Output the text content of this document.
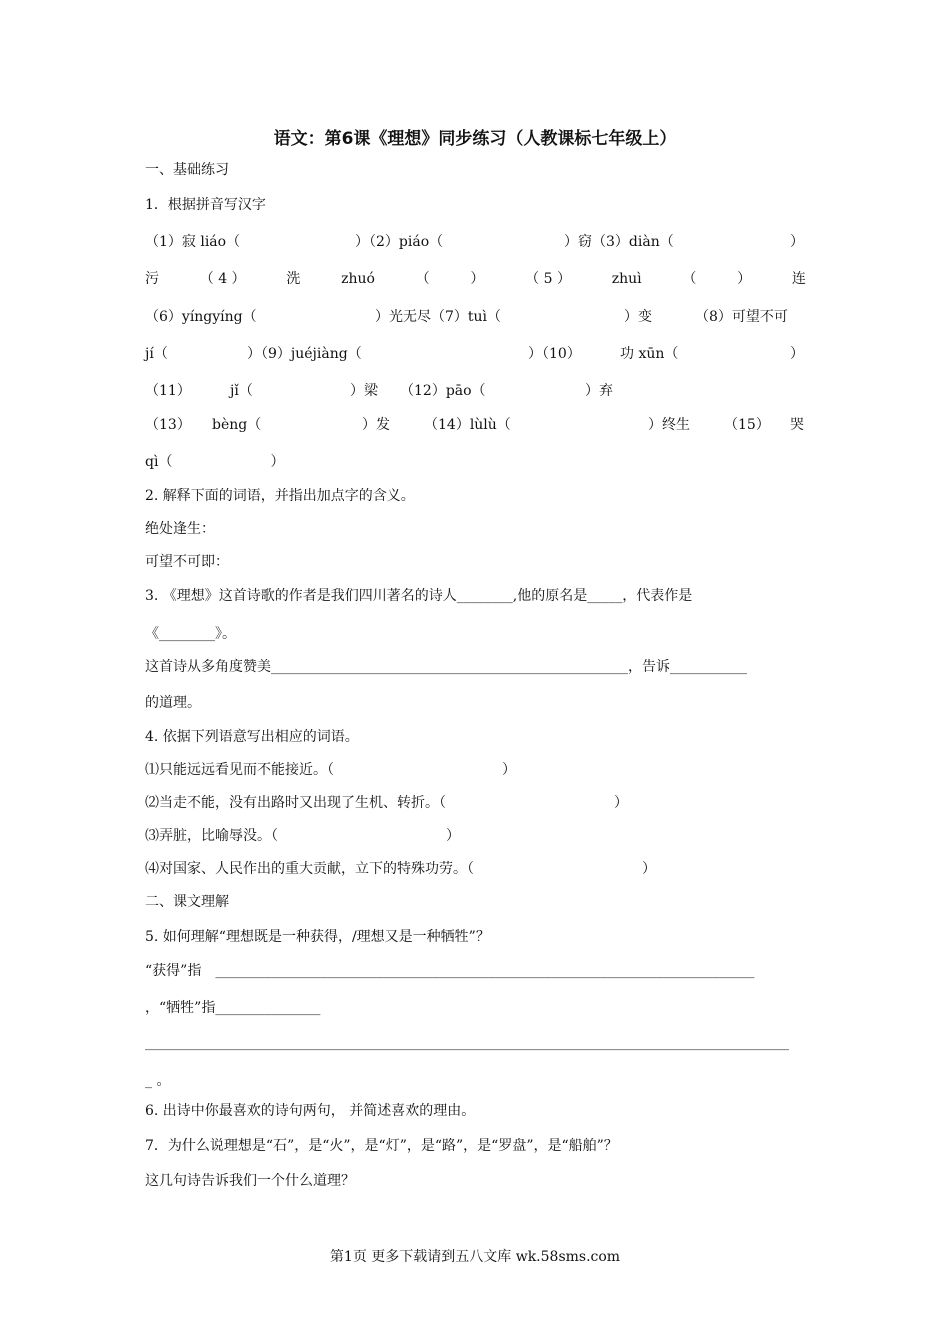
语文：第6课《理想》同步练习（人教课标七年级上）
一、基础练习
1．根据拼音写汉字
（1）寂 liáo（	）（2）piáo（	）窃（3）diàn（	）
污	（ 4 ）	洗	zhuó	（	）	（ 5 ）	zhuì	（	）	连
（6）yíngyíng（	）光无尽（7）tuì（	）变	（8）可望不可
jí（	）（9）juéjiàng（	）（10）	功 xūn（	）
（11）	jǐ（	）梁 （12）pāo（	）弃
（13） bèng（	）发 （14）lùlù（	）终生 （15） 哭
qì（　　　　　　　）
2. 解释下面的词语，并指出加点字的含义。
绝处逢生：
可望不可即：
3. 《理想》这首诗歌的作者是我们四川著名的诗人________,他的原名是_____，代表作是
《________》。
这首诗从多角度赞美___________________________________________________，告诉___________
的道理。
4. 依据下列语意写出相应的词语。
⑴只能远远看见而不能接近。（　　　　　　　　　　　　）
⑵当走不能，没有出路时又出现了生机、转折。（　　　　　　　　　　　　）
⑶弄脏，比喻辱没。（　　　　　　　　　　　　）
⑷对国家、人民作出的重大贡献，立下的特殊功劳。（　　　　　　　　　　　　）
二、课文理解
5. 如何理解“理想既是一种获得，/理想又是一种牺牲”？
“获得”指　_____________________________________________________________________________
，“牺牲”指_______________
____________________________________________________________________________________________
_ 。
6. 出诗中你最喜欢的诗句两句， 并简述喜欢的理由。
7．为什么说理想是“石”，是“火”，是“灯”，是“路”，是“罗盘”，是“船舶”？
这几句诗告诉我们一个什么道理？
第1页 更多下载请到五八文库 wk.58sms.com
